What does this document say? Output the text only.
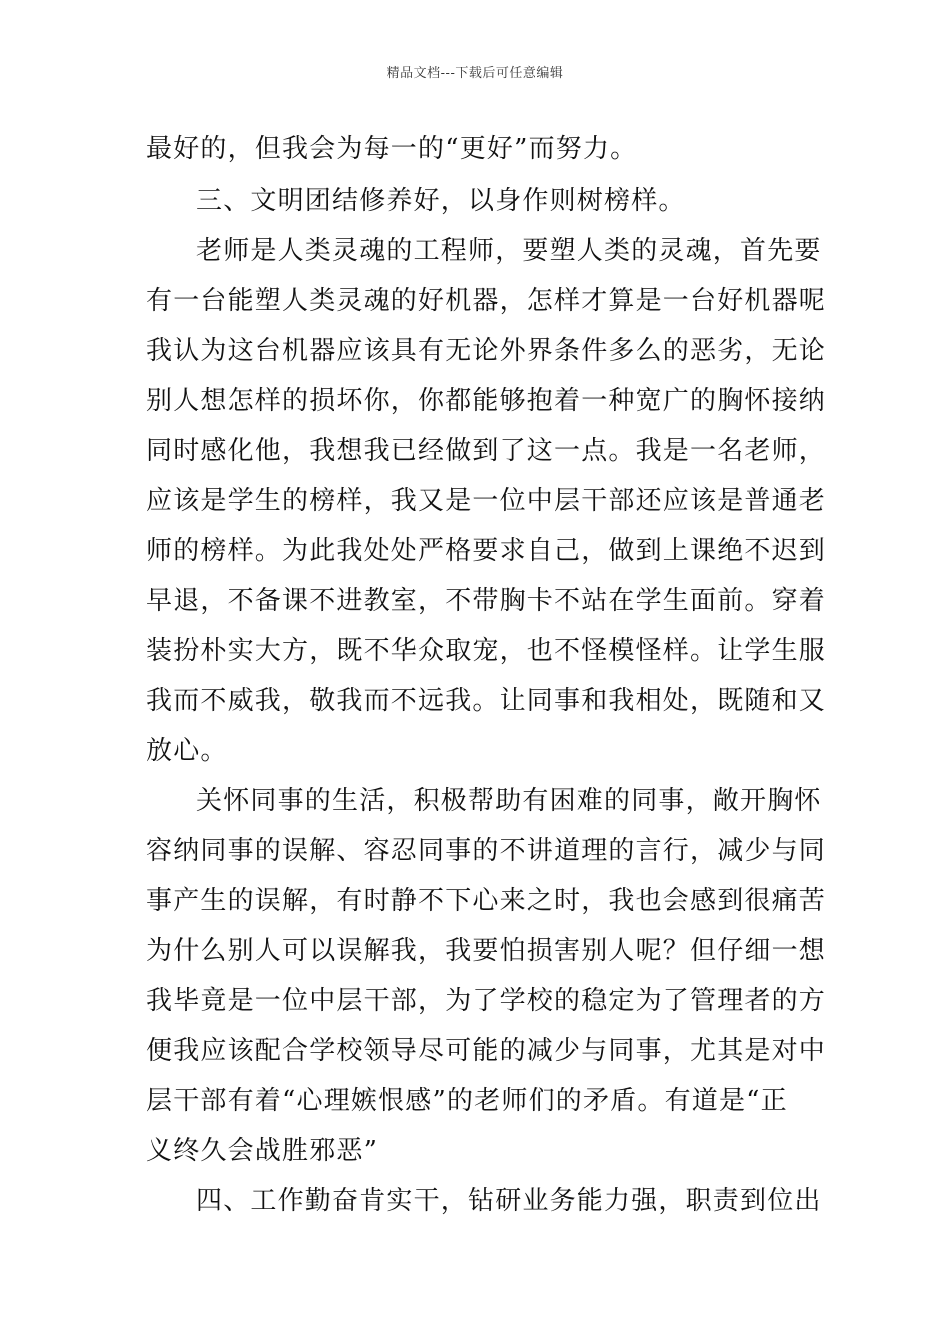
精品文档---下载后可任意编辑
最好的，但我会为每一的“更好”而努力。
三、文明团结修养好，以身作则树榜样。
老师是人类灵魂的工程师，要塑人类的灵魂，首先要
有一台能塑人类灵魂的好机器，怎样才算是一台好机器呢
我认为这台机器应该具有无论外界条件多么的恶劣，无论
别人想怎样的损坏你，你都能够抱着一种宽广的胸怀接纳
同时感化他，我想我已经做到了这一点。我是一名老师，
应该是学生的榜样，我又是一位中层干部还应该是普通老
师的榜样。为此我处处严格要求自己，做到上课绝不迟到
早退，不备课不进教室，不带胸卡不站在学生面前。穿着
装扮朴实大方，既不华众取宠，也不怪模怪样。让学生服
我而不威我，敬我而不远我。让同事和我相处，既随和又
放心。
关怀同事的生活，积极帮助有困难的同事，敞开胸怀
容纳同事的误解、容忍同事的不讲道理的言行，减少与同
事产生的误解，有时静不下心来之时，我也会感到很痛苦
为什么别人可以误解我，我要怕损害别人呢？但仔细一想
我毕竟是一位中层干部，为了学校的稳定为了管理者的方
便我应该配合学校领导尽可能的减少与同事，尤其是对中
层干部有着“心理嫉恨感”的老师们的矛盾。有道是“正
义终久会战胜邪恶”
四、工作勤奋肯实干，钻研业务能力强，职责到位出
